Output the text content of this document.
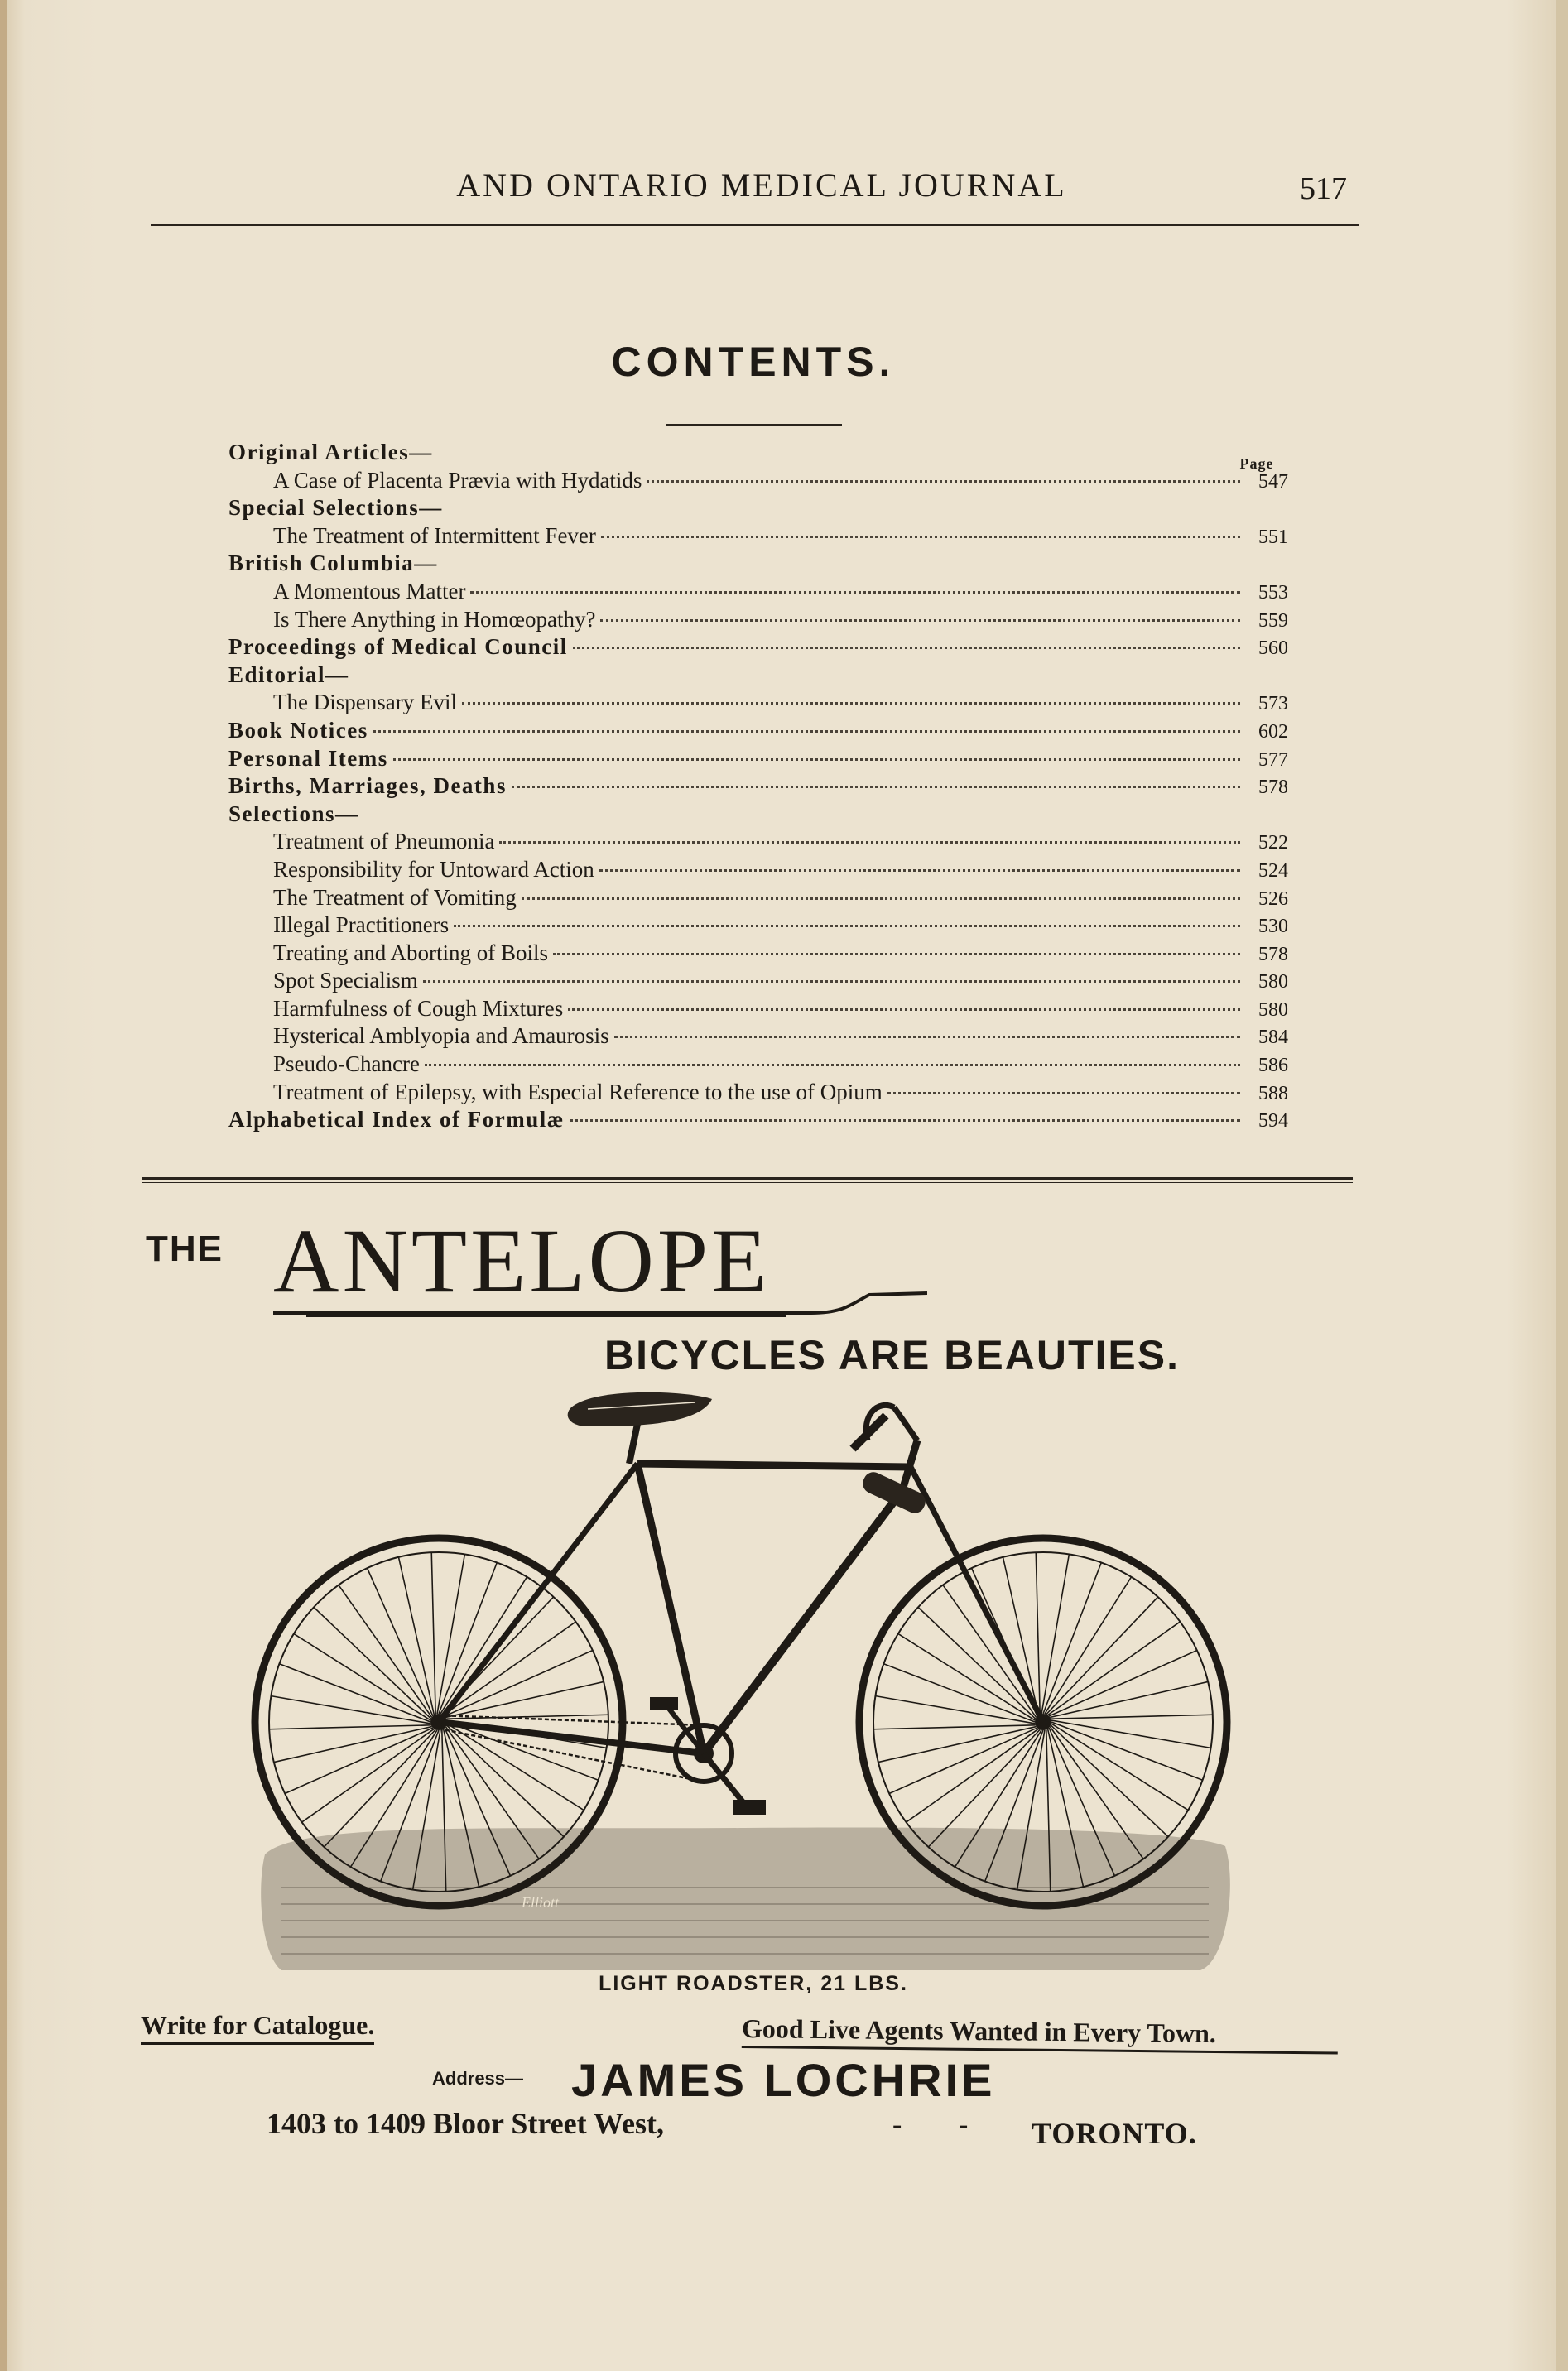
AND ONTARIO MEDICAL JOURNAL	517
CONTENTS.
Page
Original Articles—
A Case of Placenta Prævia with Hydatids	547
Special Selections—
The Treatment of Intermittent Fever	551
British Columbia—
A Momentous Matter	553
Is There Anything in Homœopathy?	559
Proceedings of Medical Council	560
Editorial—
The Dispensary Evil	573
Book Notices	602
Personal Items	577
Births, Marriages, Deaths	578
Selections—
Treatment of Pneumonia	522
Responsibility for Untoward Action	524
The Treatment of Vomiting	526
Illegal Practitioners	530
Treating and Aborting of Boils	578
Spot Specialism	580
Harmfulness of Cough Mixtures	580
Hysterical Amblyopia and Amaurosis	584
Pseudo-Chancre	586
Treatment of Epilepsy, with Especial Reference to the use of Opium	588
Alphabetical Index of Formulæ	594
THE ANTELOPE
BICYCLES ARE BEAUTIES.
Elliott
LIGHT ROADSTER, 21 LBS.
Write for Catalogue.	Good Live Agents Wanted in Every Town.
Address— JAMES LOCHRIE
1403 to 1409 Bloor Street West,	- - TORONTO.
